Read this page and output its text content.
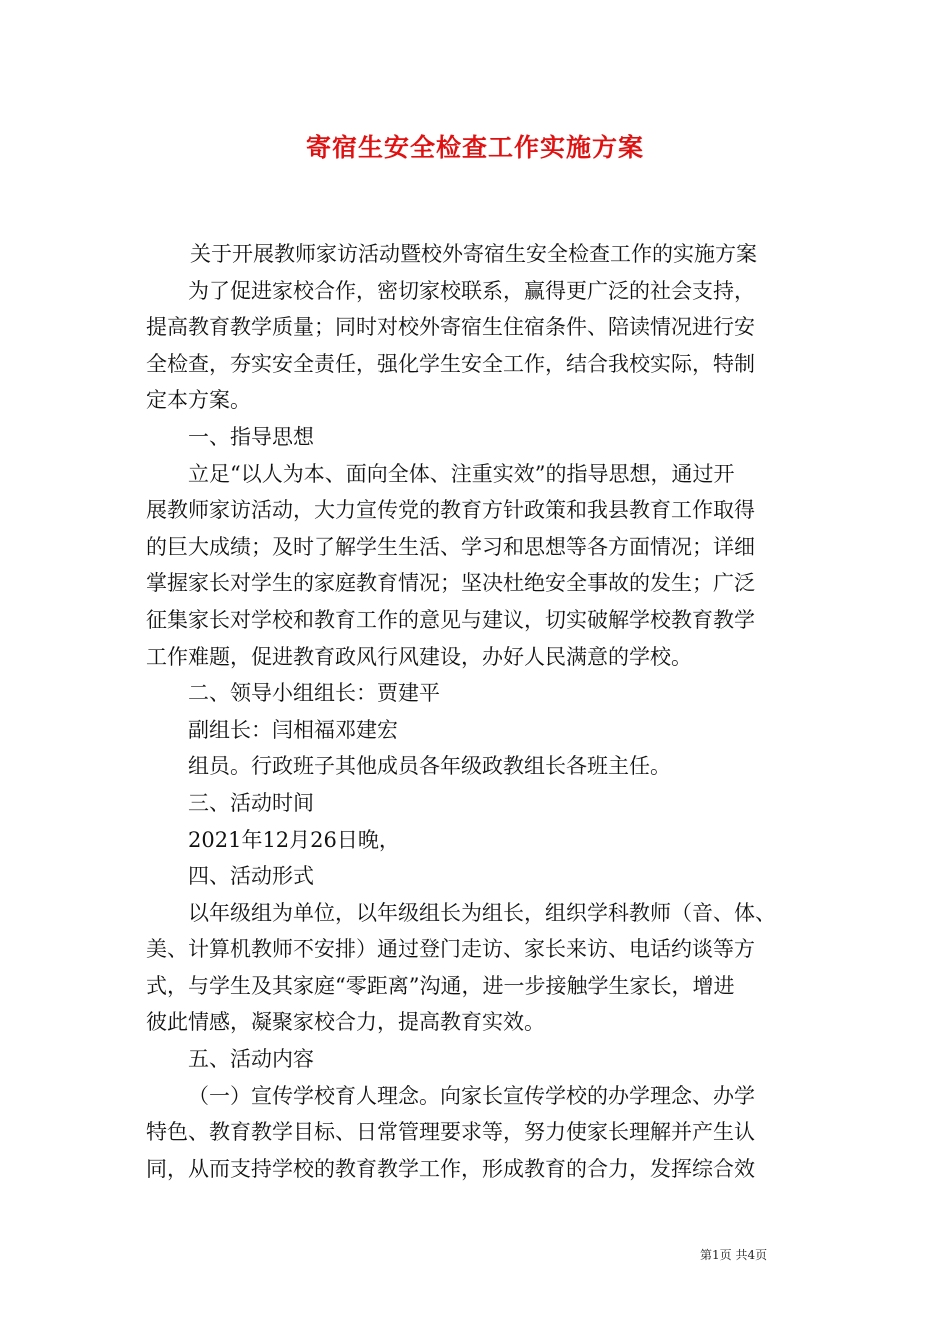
寄宿生安全检查工作实施方案
关于开展教师家访活动暨校外寄宿生安全检查工作的实施方案
为了促进家校合作，密切家校联系，赢得更广泛的社会支持，
提高教育教学质量；同时对校外寄宿生住宿条件、陪读情况进行安
全检查，夯实安全责任，强化学生安全工作，结合我校实际，特制
定本方案。
一、指导思想
立足“以人为本、面向全体、注重实效”的指导思想，通过开
展教师家访活动，大力宣传党的教育方针政策和我县教育工作取得
的巨大成绩；及时了解学生生活、学习和思想等各方面情况；详细
掌握家长对学生的家庭教育情况；坚决杜绝安全事故的发生；广泛
征集家长对学校和教育工作的意见与建议，切实破解学校教育教学
工作难题，促进教育政风行风建设，办好人民满意的学校。
二、领导小组组长：贾建平
副组长：闫相福邓建宏
组员。行政班子其他成员各年级政教组长各班主任。
三、活动时间
2021年12月26日晚，
四、活动形式
以年级组为单位，以年级组长为组长，组织学科教师（音、体、
美、计算机教师不安排）通过登门走访、家长来访、电话约谈等方
式，与学生及其家庭“零距离”沟通，进一步接触学生家长，增进
彼此情感，凝聚家校合力，提高教育实效。
五、活动内容
（一）宣传学校育人理念。向家长宣传学校的办学理念、办学
特色、教育教学目标、日常管理要求等，努力使家长理解并产生认
同，从而支持学校的教育教学工作，形成教育的合力，发挥综合效
第1页 共4页
